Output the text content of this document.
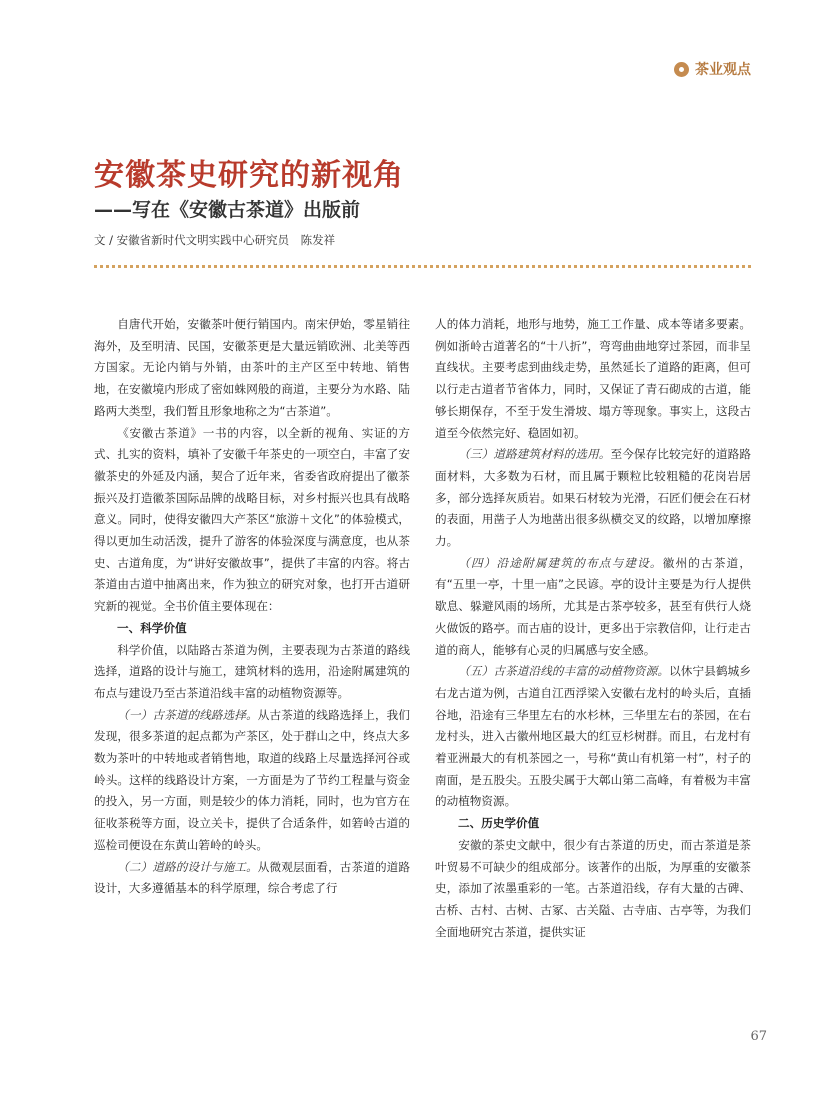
茶业观点
安徽茶史研究的新视角
——写在《安徽古茶道》出版前
文 / 安徽省新时代文明实践中心研究员　陈发祥

自唐代开始，安徽茶叶便行销国内。南宋伊始，零星销往海外，及至明清、民国，安徽茶更是大量远销欧洲、北美等西方国家。无论内销与外销，由茶叶的主产区至中转地、销售地，在安徽境内形成了密如蛛网般的商道，主要分为水路、陆路两大类型，我们暂且形象地称之为“古茶道”。

《安徽古茶道》一书的内容，以全新的视角、实证的方式、扎实的资料，填补了安徽千年茶史的一项空白，丰富了安徽茶史的外延及内涵，契合了近年来，省委省政府提出了徽茶振兴及打造徽茶国际品牌的战略目标，对乡村振兴也具有战略意义。同时，使得安徽四大产茶区“旅游＋文化”的体验模式，得以更加生动活泼，提升了游客的体验深度与满意度，也从茶史、古道角度，为“讲好安徽故事”，提供了丰富的内容。将古茶道由古道中抽离出来，作为独立的研究对象，也打开古道研究新的视觉。全书价值主要体现在：

一、科学价值

科学价值，以陆路古茶道为例，主要表现为古茶道的路线选择，道路的设计与施工，建筑材料的选用，沿途附属建筑的布点与建设乃至古茶道沿线丰富的动植物资源等。

（一）古茶道的线路选择。从古茶道的线路选择上，我们发现，很多茶道的起点都为产茶区，处于群山之中，终点大多数为茶叶的中转地或者销售地，取道的线路上尽量选择河谷或岭头。这样的线路设计方案，一方面是为了节约工程量与资金的投入，另一方面，则是较少的体力消耗，同时，也为官方在征收茶税等方面，设立关卡，提供了合适条件，如箬岭古道的巡检司便设在东黄山箬岭的岭头。

（二）道路的设计与施工。从微观层面看，古茶道的道路设计，大多遵循基本的科学原理，综合考虑了行

人的体力消耗，地形与地势，施工工作量、成本等诸多要素。例如浙岭古道著名的“十八折”，弯弯曲曲地穿过茶园，而非呈直线状。主要考虑到曲线走势，虽然延长了道路的距离，但可以行走古道者节省体力，同时，又保证了青石砌成的古道，能够长期保存，不至于发生滑坡、塌方等现象。事实上，这段古道至今依然完好、稳固如初。

（三）道路建筑材料的选用。至今保存比较完好的道路路面材料，大多数为石材，而且属于颗粒比较粗糙的花岗岩居多，部分选择灰质岩。如果石材较为光滑，石匠们便会在石材的表面，用凿子人为地凿出很多纵横交叉的纹路，以增加摩擦力。

（四）沿途附属建筑的布点与建设。徽州的古茶道，有“五里一亭，十里一庙”之民谚。亭的设计主要是为行人提供歇息、躲避风雨的场所，尤其是古茶亭较多，甚至有供行人烧火做饭的路亭。而古庙的设计，更多出于宗教信仰，让行走古道的商人，能够有心灵的归属感与安全感。

（五）古茶道沿线的丰富的动植物资源。以休宁县鹤城乡右龙古道为例，古道自江西浮梁入安徽右龙村的岭头后，直插谷地，沿途有三华里左右的水杉林，三华里左右的茶园，在右龙村头，进入古徽州地区最大的红豆杉树群。而且，右龙村有着亚洲最大的有机茶园之一，号称“黄山有机第一村”，村子的南面，是五股尖。五股尖属于大鄣山第二高峰，有着极为丰富的动植物资源。

二、历史学价值

安徽的茶史文献中，很少有古茶道的历史，而古茶道是茶叶贸易不可缺少的组成部分。该著作的出版，为厚重的安徽茶史，添加了浓墨重彩的一笔。古茶道沿线，存有大量的古碑、古桥、古村、古树、古冢、古关隘、古寺庙、古亭等，为我们全面地研究古茶道，提供实证

67
